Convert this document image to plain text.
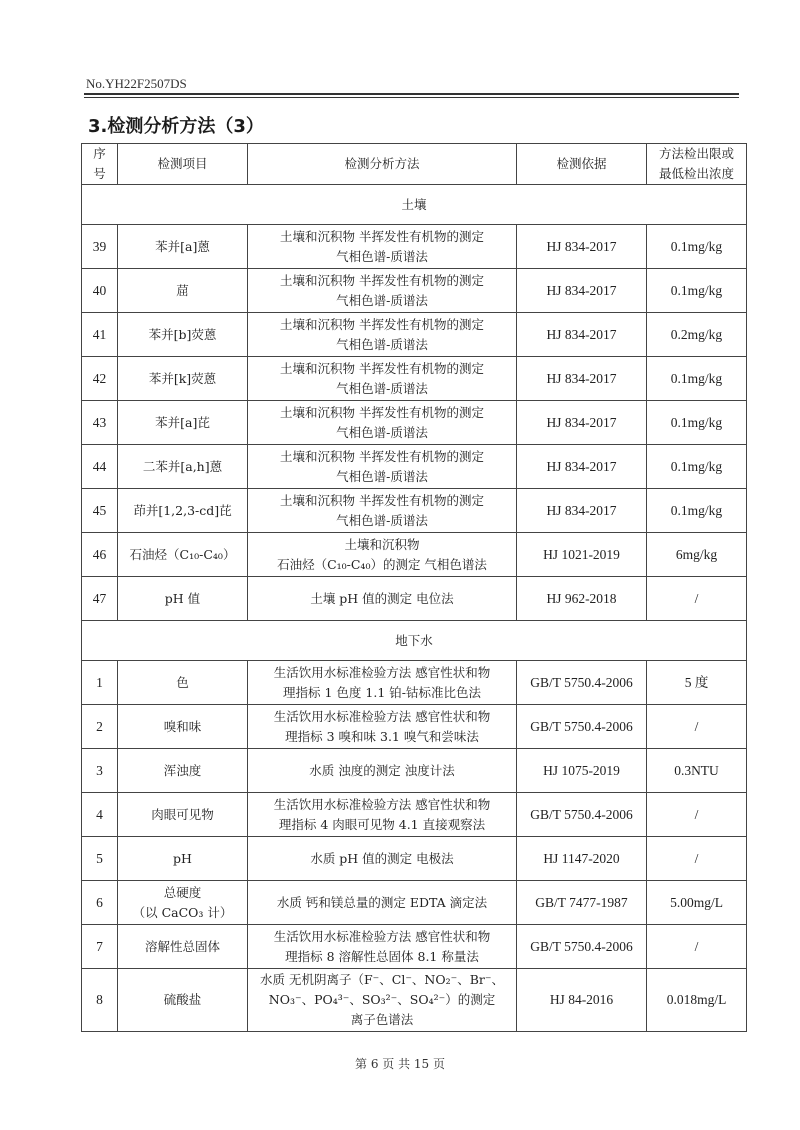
No.YH22F2507DS
3.检测分析方法（3）
序
号	检测项目	检测分析方法	检测依据	方法检出限或
最低检出浓度

土壤				
39	苯并[a]蒽	土壤和沉积物 半挥发性有机物的测定
气相色谱-质谱法	HJ 834-2017	0.1mg/kg
40	䓛	土壤和沉积物 半挥发性有机物的测定
气相色谱-质谱法	HJ 834-2017	0.1mg/kg
41	苯并[b]荧蒽	土壤和沉积物 半挥发性有机物的测定
气相色谱-质谱法	HJ 834-2017	0.2mg/kg
42	苯并[k]荧蒽	土壤和沉积物 半挥发性有机物的测定
气相色谱-质谱法	HJ 834-2017	0.1mg/kg
43	苯并[a]芘	土壤和沉积物 半挥发性有机物的测定
气相色谱-质谱法	HJ 834-2017	0.1mg/kg
44	二苯并[a,h]蒽	土壤和沉积物 半挥发性有机物的测定
气相色谱-质谱法	HJ 834-2017	0.1mg/kg
45	茚并[1,2,3-cd]芘	土壤和沉积物 半挥发性有机物的测定
气相色谱-质谱法	HJ 834-2017	0.1mg/kg
46	石油烃（C₁₀-C₄₀）	土壤和沉积物
石油烃（C₁₀-C₄₀）的测定 气相色谱法	HJ 1021-2019	6mg/kg
47	pH 值	土壤 pH 值的测定 电位法	HJ 962-2018	/
地下水				
1	色	生活饮用水标准检验方法 感官性状和物
理指标 1 色度 1.1 铂-钴标准比色法	GB/T 5750.4-2006	5 度
2	嗅和味	生活饮用水标准检验方法 感官性状和物
理指标 3 嗅和味 3.1 嗅气和尝味法	GB/T 5750.4-2006	/
3	浑浊度	水质 浊度的测定 浊度计法	HJ 1075-2019	0.3NTU
4	肉眼可见物	生活饮用水标准检验方法 感官性状和物
理指标 4 肉眼可见物 4.1 直接观察法	GB/T 5750.4-2006	/
5	pH	水质 pH 值的测定 电极法	HJ 1147-2020	/
6	总硬度
（以 CaCO₃ 计）	水质 钙和镁总量的测定 EDTA 滴定法	GB/T 7477-1987	5.00mg/L
7	溶解性总固体	生活饮用水标准检验方法 感官性状和物
理指标 8 溶解性总固体 8.1 称量法	GB/T 5750.4-2006	/
8	硫酸盐	水质 无机阴离子（F⁻、Cl⁻、NO₂⁻、Br⁻、
NO₃⁻、PO₄³⁻、SO₃²⁻、SO₄²⁻）的测定
离子色谱法	HJ 84-2016	0.018mg/L
第 6 页 共 15 页
